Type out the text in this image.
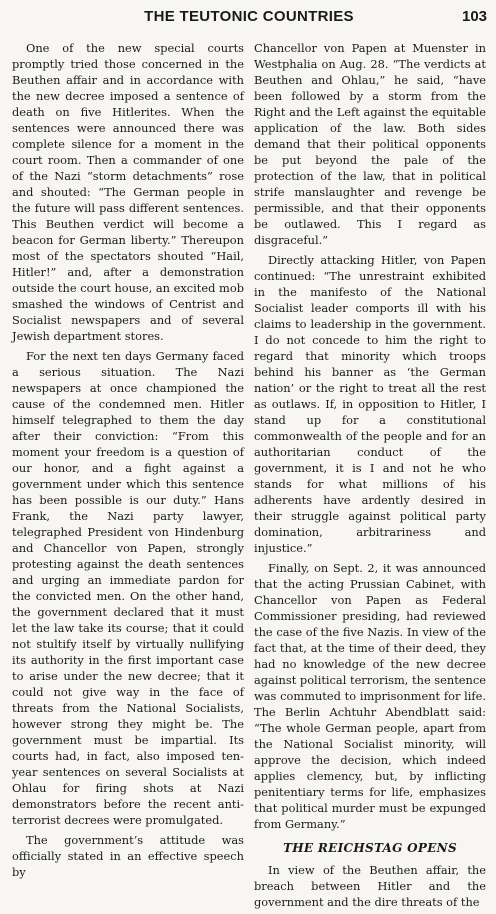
THE TEUTONIC COUNTRIES	103

One of the new special courts promptly tried those concerned in the Beuthen affair and in accordance with the new decree imposed a sentence of death on five Hitlerites. When the sentences were announced there was complete silence for a moment in the court room. Then a commander of one of the Nazi “storm detachments” rose and shouted: “The German people in the future will pass different sentences. This Beuthen verdict will become a beacon for German liberty.” Thereupon most of the spectators shouted “Hail, Hitler!” and, after a demonstration outside the court house, an excited mob smashed the windows of Centrist and Socialist newspapers and of several Jewish department stores.

For the next ten days Germany faced a serious situation. The Nazi newspapers at once championed the cause of the condemned men. Hitler himself telegraphed to them the day after their conviction: “From this moment your freedom is a question of our honor, and a fight against a government under which this sentence has been possible is our duty.” Hans Frank, the Nazi party lawyer, telegraphed President von Hindenburg and Chancellor von Papen, strongly protesting against the death sentences and urging an immediate pardon for the convicted men. On the other hand, the government declared that it must let the law take its course; that it could not stultify itself by virtually nullifying its authority in the first important case to arise under the new decree; that it could not give way in the face of threats from the National Socialists, however strong they might be. The government must be impartial. Its courts had, in fact, also imposed ten-year sentences on several Socialists at Ohlau for firing shots at Nazi demonstrators before the recent anti-terrorist decrees were promulgated.

The government’s attitude was officially stated in an effective speech by

Chancellor von Papen at Muenster in Westphalia on Aug. 28. “The verdicts at Beuthen and Ohlau,” he said, “have been followed by a storm from the Right and the Left against the equitable application of the law. Both sides demand that their political opponents be put beyond the pale of the protection of the law, that in political strife manslaughter and revenge be permissible, and that their opponents be outlawed. This I regard as disgraceful.”

Directly attacking Hitler, von Papen continued: “The unrestraint exhibited in the manifesto of the National Socialist leader comports ill with his claims to leadership in the government. I do not concede to him the right to regard that minority which troops behind his banner as ‘the German nation’ or the right to treat all the rest as outlaws. If, in opposition to Hitler, I stand up for a constitutional commonwealth of the people and for an authoritarian conduct of the government, it is I and not he who stands for what millions of his adherents have ardently desired in their struggle against political party domination, arbitrariness and injustice.”

Finally, on Sept. 2, it was announced that the acting Prussian Cabinet, with Chancellor von Papen as Federal Commissioner presiding, had reviewed the case of the five Nazis. In view of the fact that, at the time of their deed, they had no knowledge of the new decree against political terrorism, the sentence was commuted to imprisonment for life. The Berlin Achtuhr Abendblatt said: “The whole German people, apart from the National Socialist minority, will approve the decision, which indeed applies clemency, but, by inflicting penitentiary terms for life, emphasizes that political murder must be expunged from Germany.”

THE REICHSTAG OPENS

In view of the Beuthen affair, the breach between Hitler and the government and the dire threats of the
